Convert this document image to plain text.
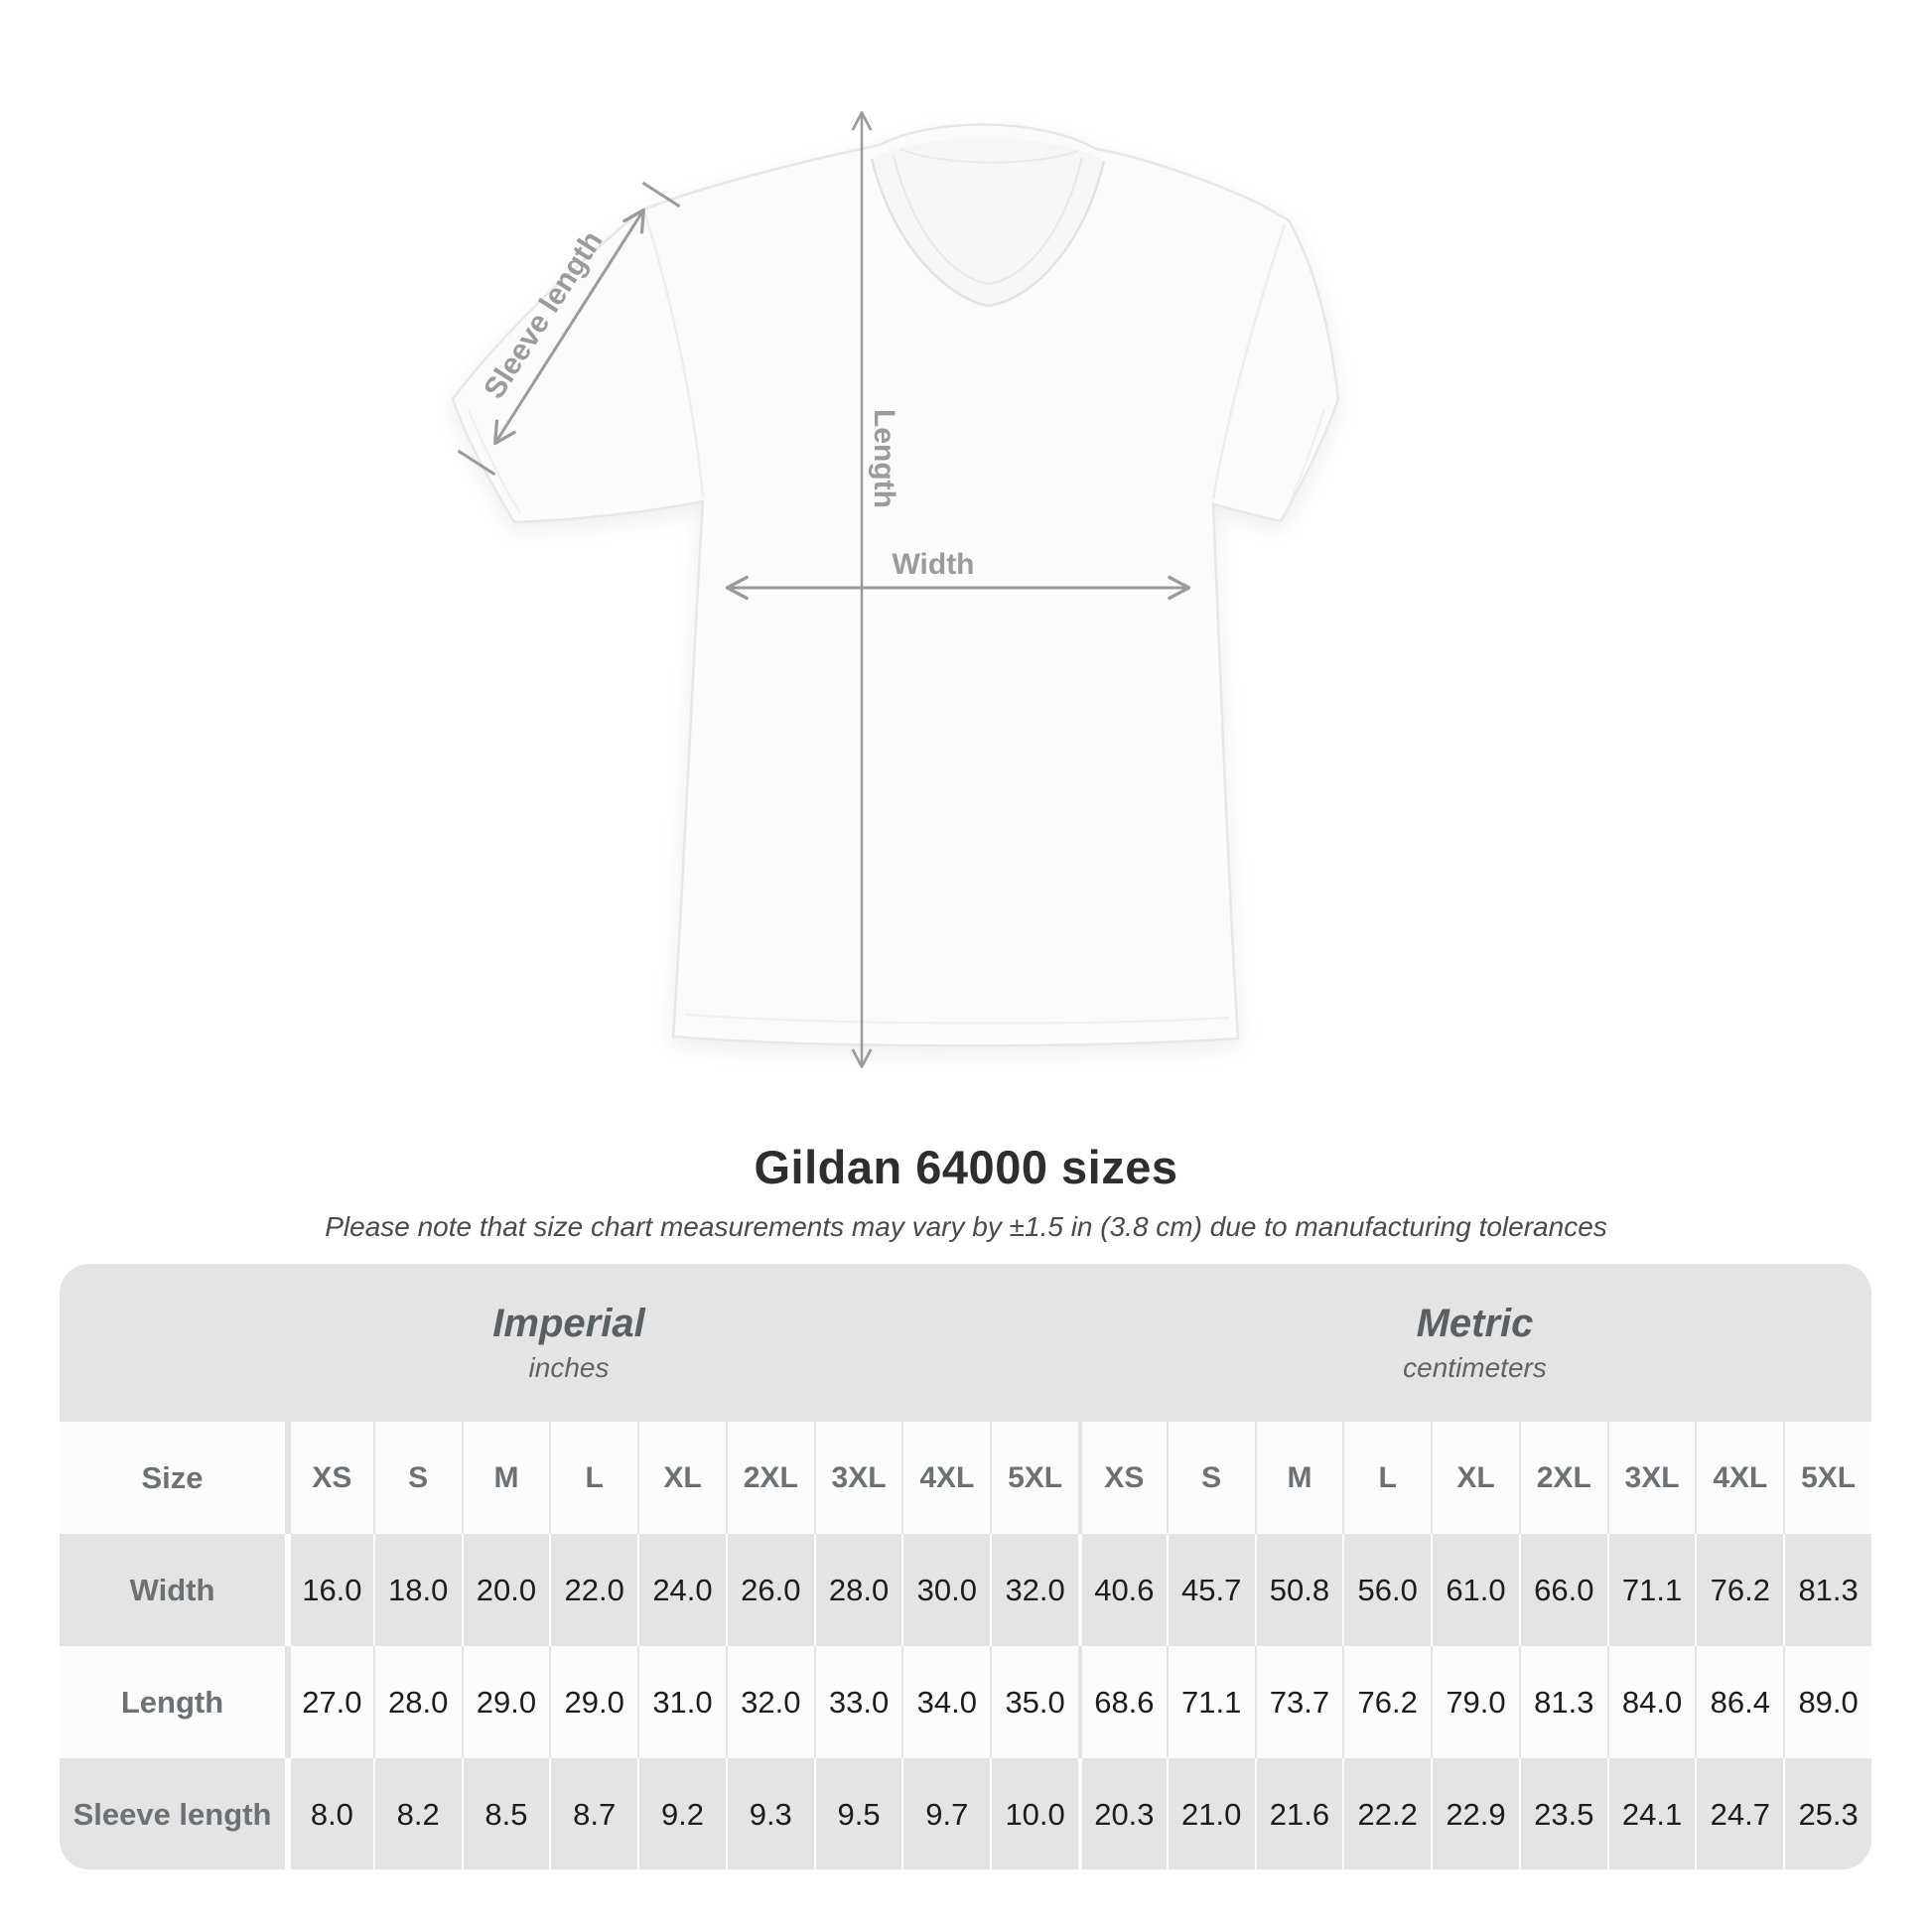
Sleeve length
Length
Width
Gildan 64000 sizes
Please note that size chart measurements may vary by ±1.5 in (3.8 cm) due to manufacturing tolerances
Imperial
inches
Metric
centimeters
Size	XS S M L XL 2XL 3XL 4XL 5XL XS S M L XL 2XL 3XL 4XL 5XL
Width	16.0 18.0 20.0 22.0 24.0 26.0 28.0 30.0 32.0 40.6 45.7 50.8 56.0 61.0 66.0 71.1 76.2 81.3
Length	27.0 28.0 29.0 29.0 31.0 32.0 33.0 34.0 35.0 68.6 71.1 73.7 76.2 79.0 81.3 84.0 86.4 89.0
Sleeve length 8.0 8.2 8.5 8.7 9.2 9.3 9.5 9.7 10.0 20.3 21.0 21.6 22.2 22.9 23.5 24.1 24.7 25.3
